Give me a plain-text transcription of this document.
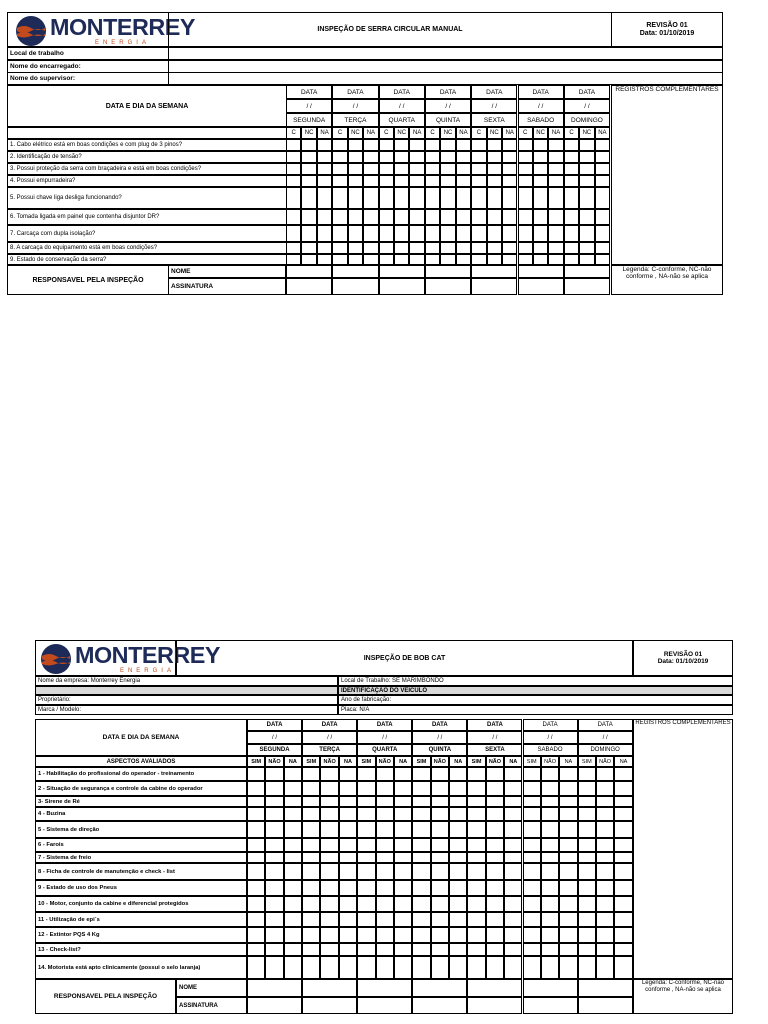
MONTERREY
ENERGIA
INSPEÇÃO DE SERRA CIRCULAR MANUAL
REVISÃO 01
Data: 01/10/2019
Local de trabalho
Nome do encarregado:
Nome do supervisor:
DATA E DIA DA SEMANA
REGISTROS COMPLEMENTARES
DATA
/ /
SEGUNDA
C	NC	NA
DATA
/ /
TERÇA
C	NC	NA
DATA
/ /
QUARTA
C	NC	NA
DATA
/ /
QUINTA
C	NC	NA
DATA
/ /
SEXTA
C	NC	NA
DATA
/ /
SABADO
C	NC	NA
DATA
/ /
DOMINGO
C	NC	NA
1. Cabo elétrico está em boas condições e com plug de 3 pinos?
2. Identificação de tensão?
3. Possui proteção da serra com braçadeira e está em boas condições?
4. Possui empurradeira?
5. Possui chave liga desliga funcionando?
6. Tomada ligada em painel que contenha disjuntor DR?
7. Carcaça com dupla isolação?
8. A carcaça do equipamento está em boas condições?
9. Estado de conservação da serra?
RESPONSAVEL PELA INSPEÇÃO
NOME
ASSINATURA
Legenda: C-conforme, NC-não conforme , NA-não se aplica
MONTERREY
ENERGIA
INSPEÇÃO DE BOB CAT
REVISÃO 01
Data: 01/10/2019
Nome da empresa: Monterrey Energia	Local de Trabalho: SE MARIMBONDO
IDENTIFICAÇÃO DO VEICULO
Proprietário:	Ano de fabricação:
Marca / Modelo:	Placa: N/A
DATA E DIA DA SEMANA
ASPECTOS AVALIADOS
REGISTROS COMPLEMENTARES
DATA
/ /
SEGUNDA
SIM	NÃO	NA
DATA
/ /
TERÇA
SIM	NÃO	NA
DATA
/ /
QUARTA
SIM	NÃO	NA
DATA
/ /
QUINTA
SIM	NÃO	NA
DATA
/ /
SEXTA
SIM	NÃO	NA
DATA
/ /
SABADO
SIM	NÃO	NA
DATA
/ /
DOMINGO
SIM	NÃO	NA
1 - Habilitação do profissional do operador - treinamento
2 - Situação de segurança e controle da cabine do operador
3- Sirene de Ré
4 - Buzina
5 - Sistema de direção
6 - Farois
7 - Sistema de freio
8 - Ficha de controle de manutenção e check - list
9 - Estado de uso dos Pneus
10 - Motor, conjunto da cabine e diferencial protegidos
11 - Utilização de epi´s
12 - Extintor PQS 4 Kg
13 - Check-list?
14. Motorista está apto clinicamente (possui o selo laranja)
RESPONSAVEL PELA INSPEÇÃO
NOME
ASSINATURA
Legenda: C-conforme, NC-não conforme , NA-não se aplica
